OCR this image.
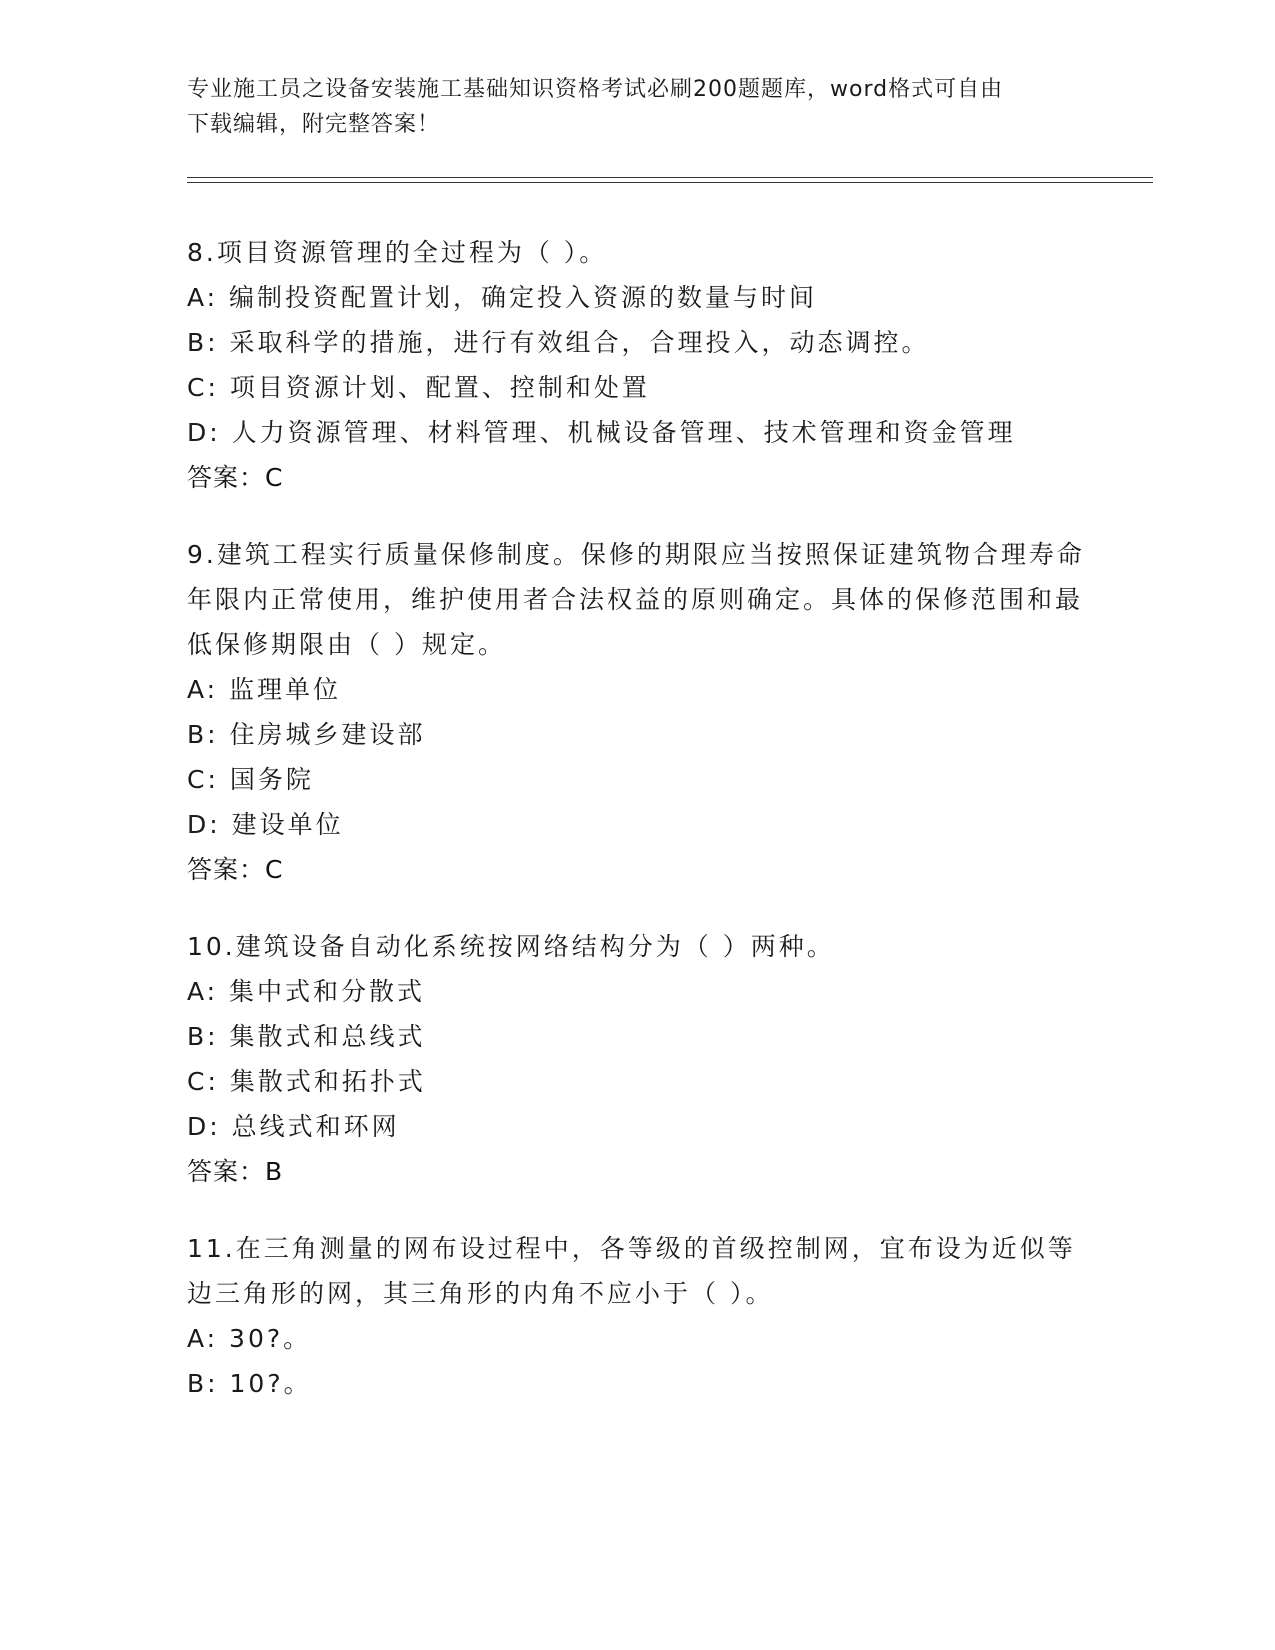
专业施工员之设备安装施工基础知识资格考试必刷200题题库，word格式可自由
下载编辑，附完整答案！

8.项目资源管理的全过程为（ ）。

A: 编制投资配置计划，确定投入资源的数量与时间

B: 采取科学的措施，进行有效组合，合理投入，动态调控。

C: 项目资源计划、配置、控制和处置

D: 人力资源管理、材料管理、机械设备管理、技术管理和资金管理

答案：C

9.建筑工程实行质量保修制度。保修的期限应当按照保证建筑物合理寿命年限内正常使用，维护使用者合法权益的原则确定。具体的保修范围和最低保修期限由（ ）规定。

A: 监理单位

B: 住房城乡建设部

C: 国务院

D: 建设单位

答案：C

10.建筑设备自动化系统按网络结构分为（ ）两种。

A: 集中式和分散式

B: 集散式和总线式

C: 集散式和拓扑式

D: 总线式和环网

答案：B

11.在三角测量的网布设过程中，各等级的首级控制网，宜布设为近似等边三角形的网，其三角形的内角不应小于（ ）。

A: 30?。

B: 10?。
